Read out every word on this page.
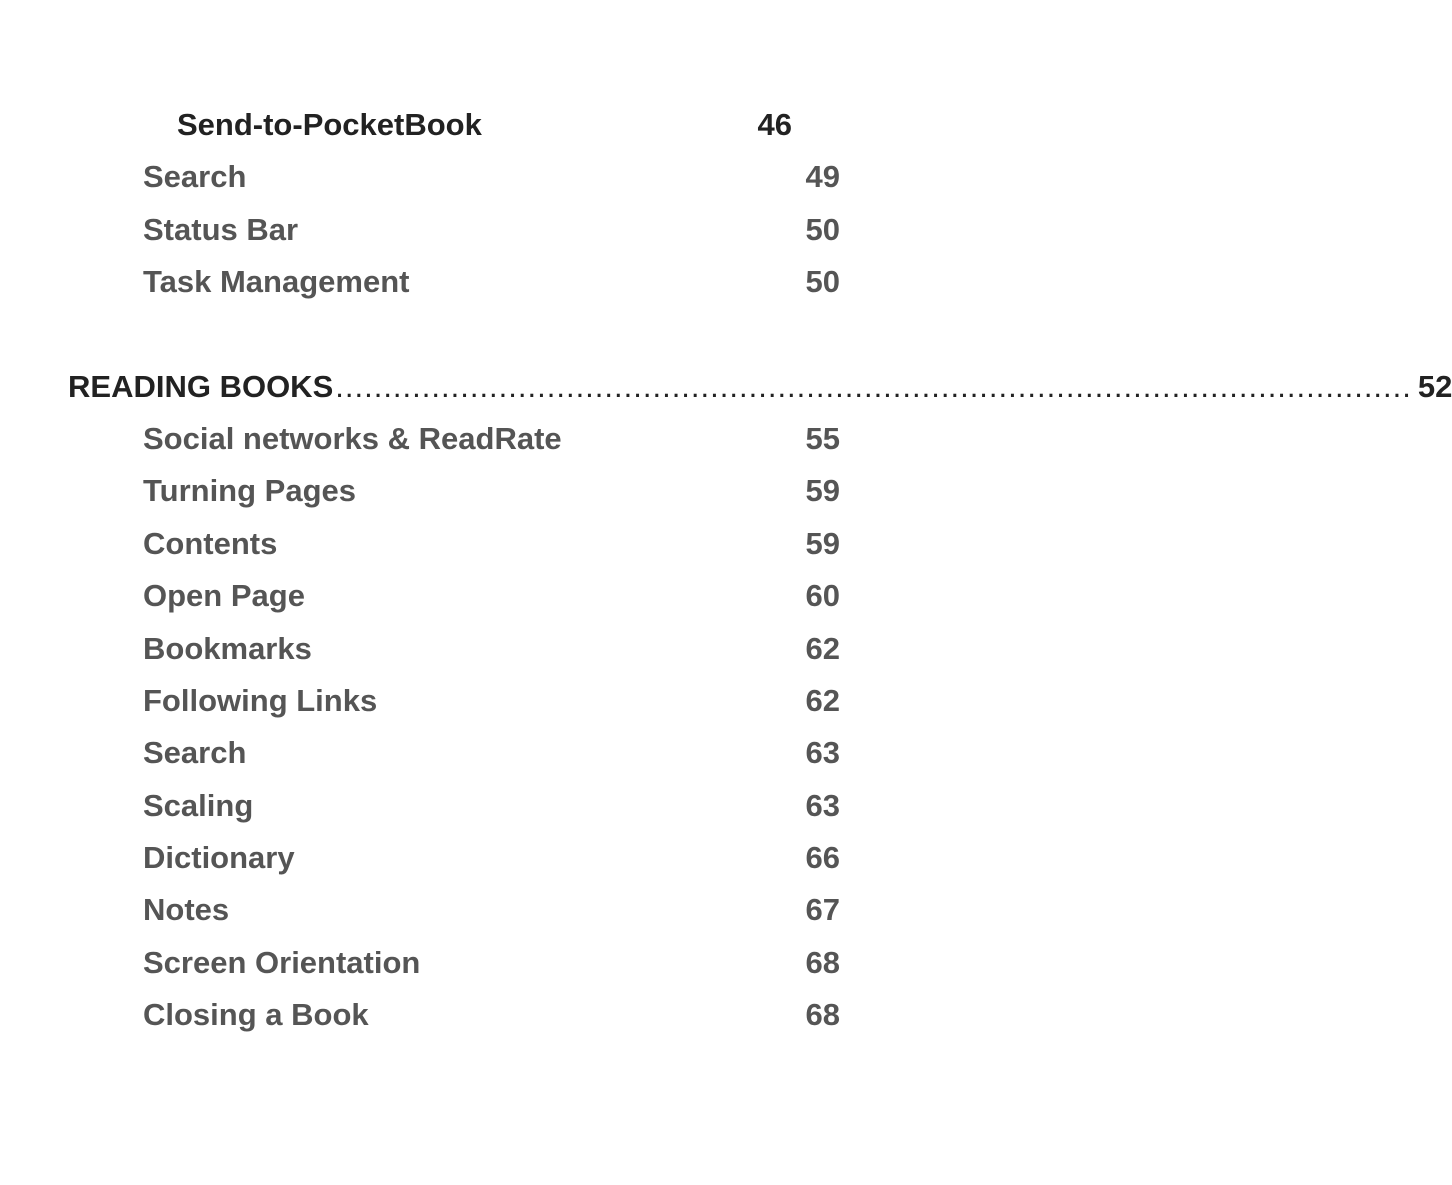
Send-to-PocketBook	46
Search	49
Status Bar	50
Task Management	50
READING BOOKS ................................................................................................................ 52
Social networks & ReadRate	55
Turning Pages	59
Contents	59
Open Page	60
Bookmarks	62
Following Links	62
Search	63
Scaling	63
Dictionary	66
Notes	67
Screen Orientation	68
Closing a Book	68
